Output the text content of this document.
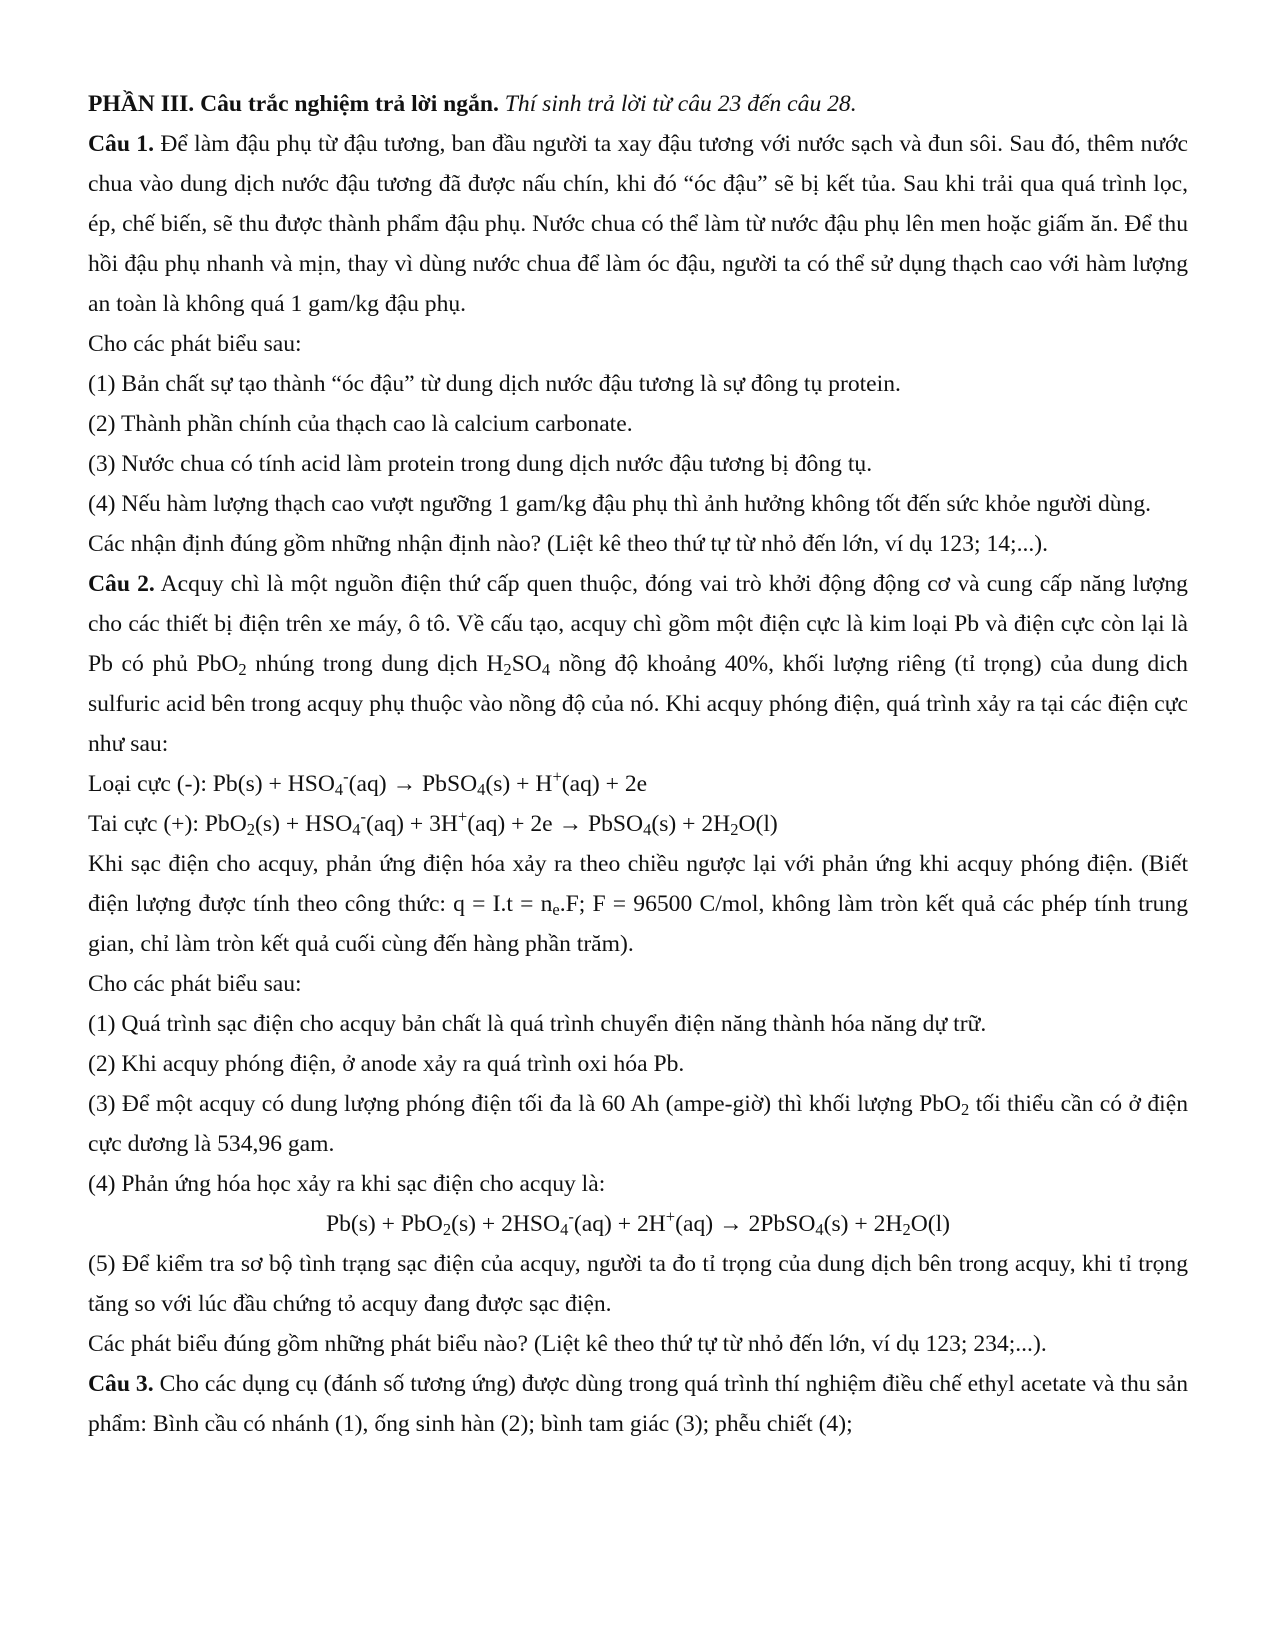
PHẦN III. Câu trắc nghiệm trả lời ngắn. Thí sinh trả lời từ câu 23 đến câu 28.

Câu 1. Để làm đậu phụ từ đậu tương, ban đầu người ta xay đậu tương với nước sạch và đun sôi. Sau đó, thêm nước chua vào dung dịch nước đậu tương đã được nấu chín, khi đó “óc đậu” sẽ bị kết tủa. Sau khi trải qua quá trình lọc, ép, chế biến, sẽ thu được thành phẩm đậu phụ. Nước chua có thể làm từ nước đậu phụ lên men hoặc giấm ăn. Để thu hồi đậu phụ nhanh và mịn, thay vì dùng nước chua để làm óc đậu, người ta có thể sử dụng thạch cao với hàm lượng an toàn là không quá 1 gam/kg đậu phụ.

Cho các phát biểu sau:

(1) Bản chất sự tạo thành “óc đậu” từ dung dịch nước đậu tương là sự đông tụ protein.

(2) Thành phần chính của thạch cao là calcium carbonate.

(3) Nước chua có tính acid làm protein trong dung dịch nước đậu tương bị đông tụ.

(4) Nếu hàm lượng thạch cao vượt ngưỡng 1 gam/kg đậu phụ thì ảnh hưởng không tốt đến sức khỏe người dùng.

Các nhận định đúng gồm những nhận định nào? (Liệt kê theo thứ tự từ nhỏ đến lớn, ví dụ 123; 14;...).

Câu 2. Acquy chì là một nguồn điện thứ cấp quen thuộc, đóng vai trò khởi động động cơ và cung cấp năng lượng cho các thiết bị điện trên xe máy, ô tô. Về cấu tạo, acquy chì gồm một điện cực là kim loại Pb và điện cực còn lại là Pb có phủ PbO$_2$ nhúng trong dung dịch $H_2SO_4$ nồng độ khoảng 40%, khối lượng riêng (tỉ trọng) của dung dich sulfuric acid bên trong acquy phụ thuộc vào nồng độ của nó. Khi acquy phóng điện, quá trình xảy ra tại các điện cực như sau:

Loại cực (-): $Pb(s) + HSO_4^-(aq)$ → PbSO$_4$(s) + H+(aq) + 2e

Tai cực (+): $PbO_2(s) + HSO_4^-(aq) + 3H^+(aq) + 2e$ → PbSO$_4$(s) + $2H_2O(l)$

Khi sạc điện cho acquy, phản ứng điện hóa xảy ra theo chiều ngược lại với phản ứng khi acquy phóng điện. (Biết điện lượng được tính theo công thức: $q = I.t = n_e.F$; F = 96500 C/mol, không làm tròn kết quả các phép tính trung gian, chỉ làm tròn kết quả cuối cùng đến hàng phần trăm).

Cho các phát biểu sau:

(1) Quá trình sạc điện cho acquy bản chất là quá trình chuyển điện năng thành hóa năng dự trữ.

(2) Khi acquy phóng điện, ở anode xảy ra quá trình oxi hóa Pb.

(3) Để một acquy có dung lượng phóng điện tối đa là 60 Ah (ampe-giờ) thì khối lượng PbO$_2$ tối thiểu cần có ở điện cực dương là 534,96 gam.

(4) Phản ứng hóa học xảy ra khi sạc điện cho acquy là:

$Pb(s) + PbO_2(s) + 2HSO_4^-(aq) + 2H^+(aq)$ → 2PbSO$_4$(s) + $2H_2O(l)$

(5) Để kiểm tra sơ bộ tình trạng sạc điện của acquy, người ta đo tỉ trọng của dung dịch bên trong acquy, khi tỉ trọng tăng so với lúc đầu chứng tỏ acquy đang được sạc điện.

Các phát biểu đúng gồm những phát biểu nào? (Liệt kê theo thứ tự từ nhỏ đến lớn, ví dụ 123; 234;...).

Câu 3. Cho các dụng cụ (đánh số tương ứng) được dùng trong quá trình thí nghiệm điều chế ethyl acetate và thu sản phẩm: Bình cầu có nhánh (1), ống sinh hàn (2); bình tam giác (3); phễu chiết (4);
